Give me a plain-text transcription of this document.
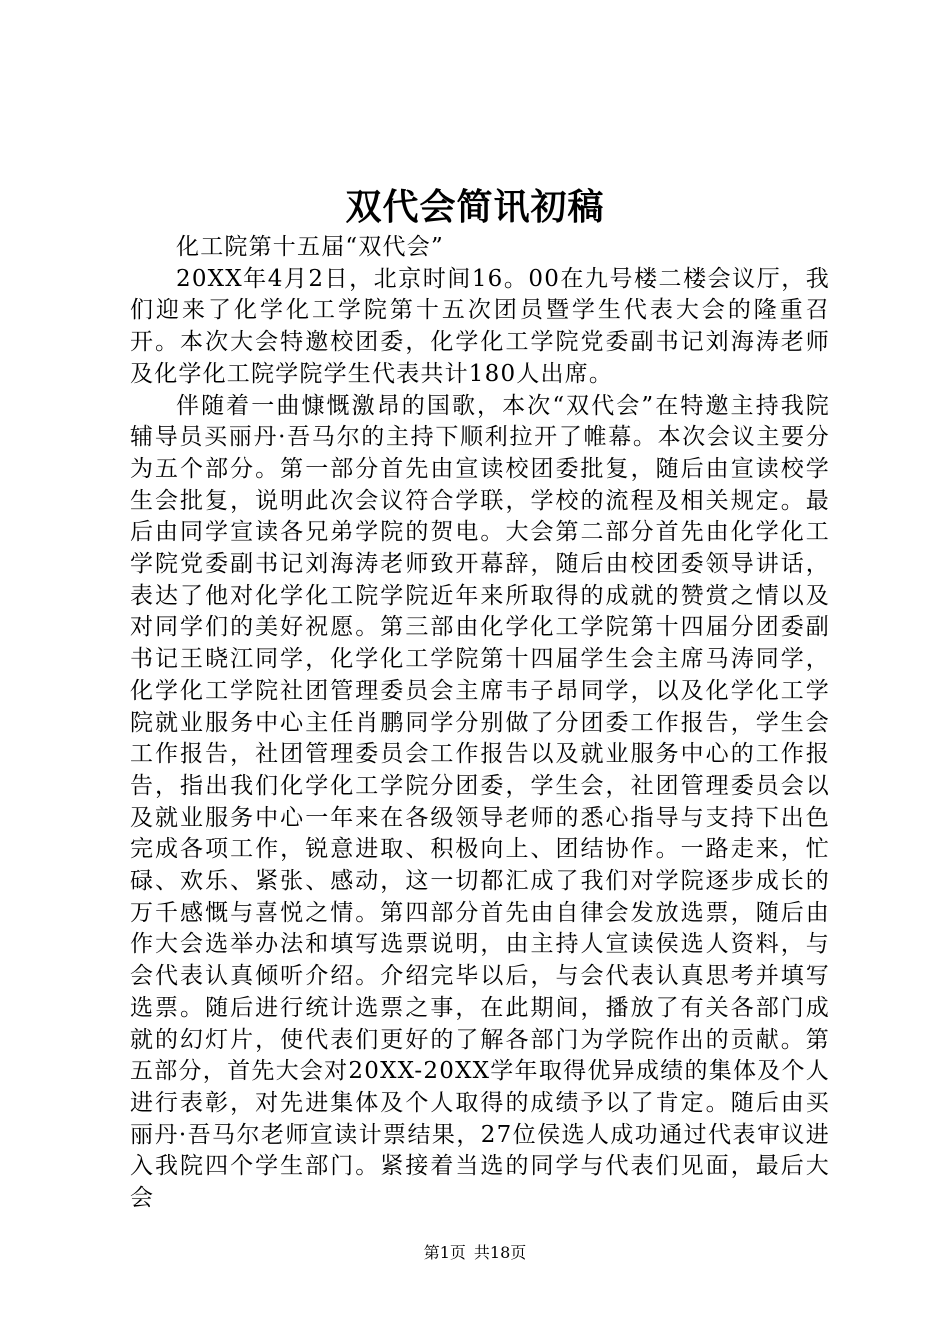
双代会简讯初稿

化工院第十五届“双代会”

20XX年4月2日，北京时间16。00在九号楼二楼会议厅，我们迎来了化学化工学院第十五次团员暨学生代表大会的隆重召开。本次大会特邀校团委，化学化工学院党委副书记刘海涛老师及化学化工院学院学生代表共计180人出席。

伴随着一曲慷慨激昂的国歌，本次“双代会”在特邀主持我院辅导员买丽丹·吾马尔的主持下顺利拉开了帷幕。本次会议主要分为五个部分。第一部分首先由宣读校团委批复，随后由宣读校学生会批复，说明此次会议符合学联，学校的流程及相关规定。最后由同学宣读各兄弟学院的贺电。大会第二部分首先由化学化工学院党委副书记刘海涛老师致开幕辞，随后由校团委领导讲话，表达了他对化学化工院学院近年来所取得的成就的赞赏之情以及对同学们的美好祝愿。第三部由化学化工学院第十四届分团委副书记王晓江同学，化学化工学院第十四届学生会主席马涛同学，化学化工学院社团管理委员会主席韦子昂同学，以及化学化工学院就业服务中心主任肖鹏同学分别做了分团委工作报告，学生会工作报告，社团管理委员会工作报告以及就业服务中心的工作报告，指出我们化学化工学院分团委，学生会，社团管理委员会以及就业服务中心一年来在各级领导老师的悉心指导与支持下出色完成各项工作，锐意进取、积极向上、团结协作。一路走来，忙碌、欢乐、紧张、感动，这一切都汇成了我们对学院逐步成长的万千感慨与喜悦之情。第四部分首先由自律会发放选票，随后由作大会选举办法和填写选票说明，由主持人宣读侯选人资料，与会代表认真倾听介绍。介绍完毕以后，与会代表认真思考并填写选票。随后进行统计选票之事，在此期间，播放了有关各部门成就的幻灯片，使代表们更好的了解各部门为学院作出的贡献。第五部分，首先大会对20XX-20XX学年取得优异成绩的集体及个人进行表彰，对先进集体及个人取得的成绩予以了肯定。随后由买丽丹·吾马尔老师宣读计票结果，27位侯选人成功通过代表审议进入我院四个学生部门。紧接着当选的同学与代表们见面，最后大会

第1页 共18页
